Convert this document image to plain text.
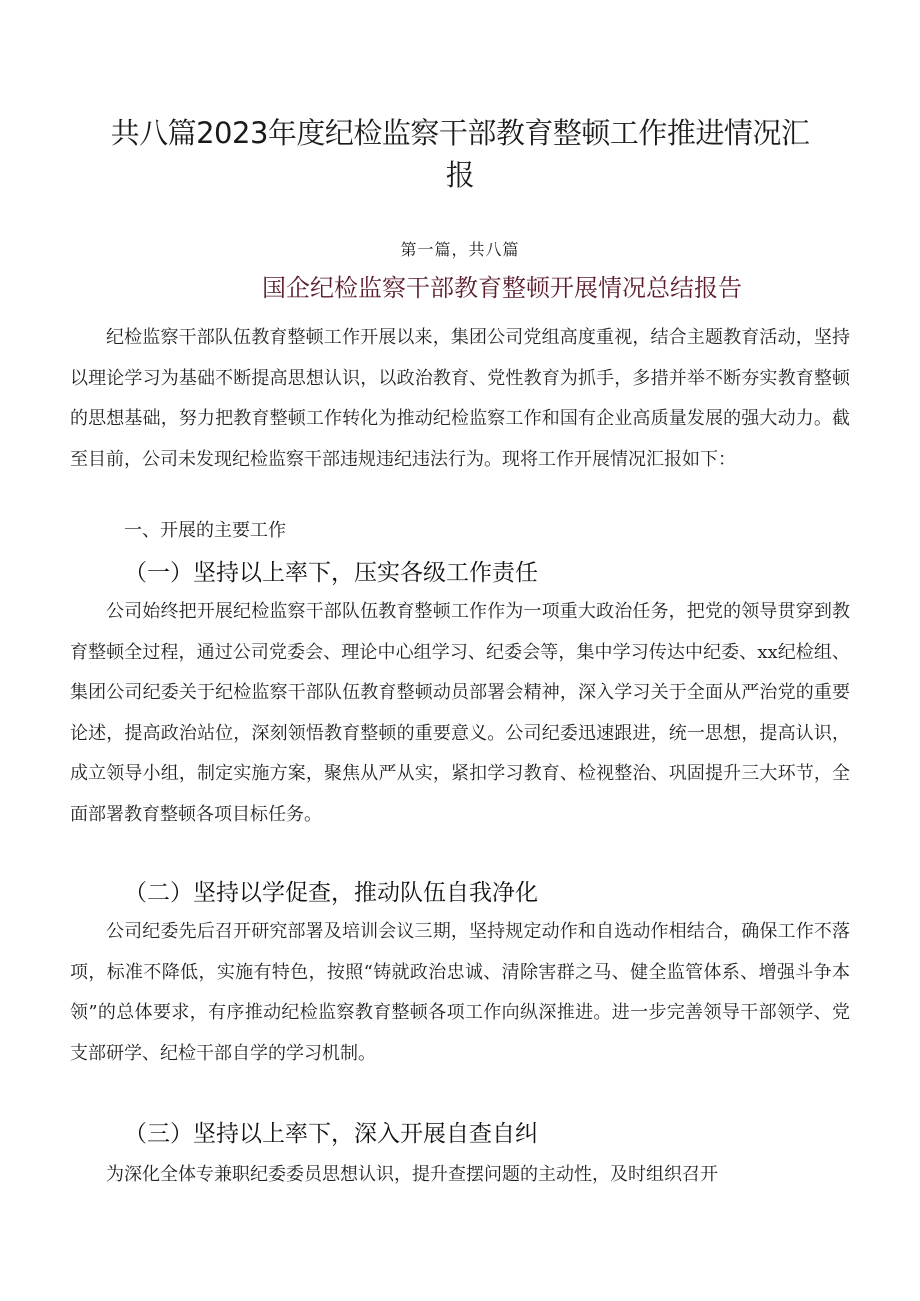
共八篇2023年度纪检监察干部教育整顿工作推进情况汇报
第一篇，共八篇
国企纪检监察干部教育整顿开展情况总结报告

纪检监察干部队伍教育整顿工作开展以来，集团公司党组高度重视，结合主题教育活动，坚持以理论学习为基础不断提高思想认识，以政治教育、党性教育为抓手，多措并举不断夯实教育整顿的思想基础，努力把教育整顿工作转化为推动纪检监察工作和国有企业高质量发展的强大动力。截至目前，公司未发现纪检监察干部违规违纪违法行为。现将工作开展情况汇报如下：

一、开展的主要工作
（一）坚持以上率下，压实各级工作责任

公司始终把开展纪检监察干部队伍教育整顿工作作为一项重大政治任务，把党的领导贯穿到教育整顿全过程，通过公司党委会、理论中心组学习、纪委会等，集中学习传达中纪委、xx纪检组、集团公司纪委关于纪检监察干部队伍教育整顿动员部署会精神，深入学习关于全面从严治党的重要论述，提高政治站位，深刻领悟教育整顿的重要意义。公司纪委迅速跟进，统一思想，提高认识，成立领导小组，制定实施方案，聚焦从严从实，紧扣学习教育、检视整治、巩固提升三大环节，全面部署教育整顿各项目标任务。

（二）坚持以学促查，推动队伍自我净化

公司纪委先后召开研究部署及培训会议三期，坚持规定动作和自选动作相结合，确保工作不落项，标准不降低，实施有特色，按照“铸就政治忠诚、清除害群之马、健全监管体系、增强斗争本领”的总体要求，有序推动纪检监察教育整顿各项工作向纵深推进。进一步完善领导干部领学、党支部研学、纪检干部自学的学习机制。

（三）坚持以上率下，深入开展自查自纠

为深化全体专兼职纪委委员思想认识，提升查摆问题的主动性，及时组织召开
